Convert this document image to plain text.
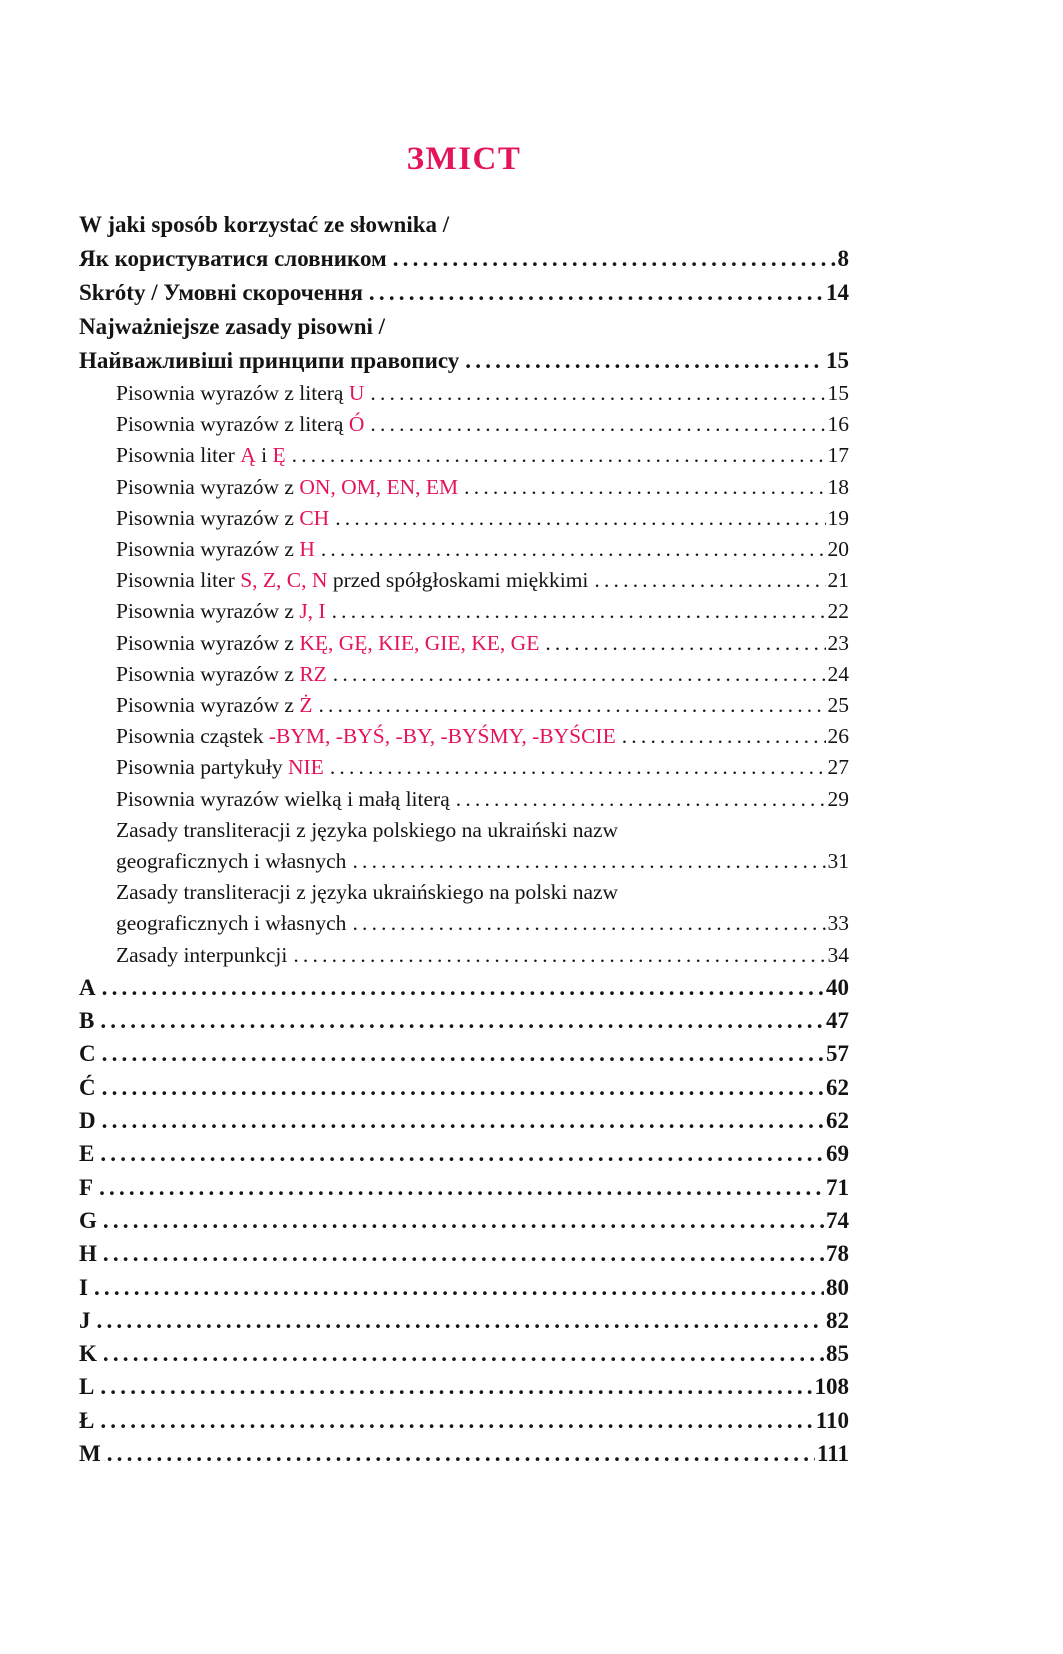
ЗМІСТ
W jaki sposób korzystać ze słownika /
Як користуватися словником .....	8
Skróty / Умовні скорочення .....	14
Najważniejsze zasady pisowni /
Найважливіші принципи правопису .....	15
Pisownia wyrazów z literą U .....	15
Pisownia wyrazów z literą Ó .....	16
Pisownia liter Ą i Ę .....	17
Pisownia wyrazów z ON, OM, EN, EM .....	18
Pisownia wyrazów z CH .....	19
Pisownia wyrazów z H .....	20
Pisownia liter S, Z, C, N przed spółgłoskami miękkimi .....	21
Pisownia wyrazów z J, I .....	22
Pisownia wyrazów z KĘ, GĘ, KIE, GIE, KE, GE .....	23
Pisownia wyrazów z RZ .....	24
Pisownia wyrazów z Ż .....	25
Pisownia cząstek -BYM, -BYŚ, -BY, -BYŚMY, -BYŚCIE .....	26
Pisownia partykuły NIE .....	27
Pisownia wyrazów wielką i małą literą .....	29
Zasady transliteracji z języka polskiego na ukraiński nazw
geograficznych i własnych .....	31
Zasady transliteracji z języka ukraińskiego na polski nazw
geograficznych i własnych .....	33
Zasady interpunkcji .....	34
A .....	40
B .....	47
C .....	57
Ć .....	62
D .....	62
E .....	69
F .....	71
G .....	74
H .....	78
I .....	80
J .....	82
K .....	85
L .....	108
Ł .....	110
M .....	111
